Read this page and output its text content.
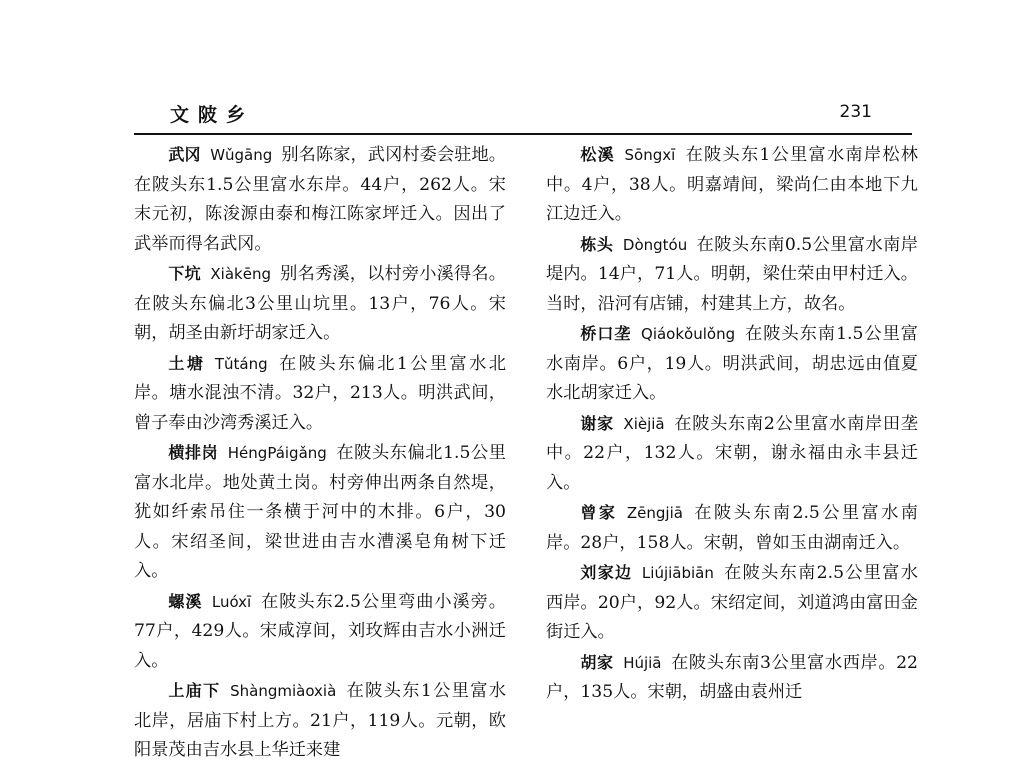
文陂乡	231

武冈 Wǔgāng 别名陈家，武冈村委会驻地。在陂头东1.5公里富水东岸。44户，262人。宋末元初，陈浚源由泰和梅江陈家坪迁入。因出了武举而得名武冈。

下坑 Xiàkēng 别名秀溪，以村旁小溪得名。在陂头东偏北3公里山坑里。13户，76人。宋朝，胡圣由新圩胡家迁入。

土塘 Tǔtáng 在陂头东偏北1公里富水北岸。塘水混浊不清。32户，213人。明洪武间，曾子奉由沙湾秀溪迁入。

横排岗 HéngPáigǎng 在陂头东偏北1.5公里富水北岸。地处黄土岗。村旁伸出两条自然堤，犹如纤索吊住一条横于河中的木排。6户，30人。宋绍圣间，梁世进由吉水漕溪皂角树下迁入。

螺溪 Luóxī 在陂头东2.5公里弯曲小溪旁。77户，429人。宋咸淳间，刘玫辉由吉水小洲迁入。

上庙下 Shàngmiàoxià 在陂头东1公里富水北岸，居庙下村上方。21户，119人。元朝，欧阳景茂由吉水县上华迁来建

松溪 Sōngxī 在陂头东1公里富水南岸松林中。4户，38人。明嘉靖间，梁尚仁由本地下九江边迁入。

栋头 Dòngtóu 在陂头东南0.5公里富水南岸堤内。14户，71人。明朝，梁仕荣由甲村迁入。当时，沿河有店铺，村建其上方，故名。

桥口垄 Qiáokǒulǒng 在陂头东南1.5公里富水南岸。6户，19人。明洪武间，胡忠远由值夏水北胡家迁入。

谢家 Xièjiā 在陂头东南2公里富水南岸田垄中。22户，132人。宋朝，谢永福由永丰县迁入。

曾家 Zēngjiā 在陂头东南2.5公里富水南岸。28户，158人。宋朝，曾如玉由湖南迁入。

刘家边 Liújiābiān 在陂头东南2.5公里富水西岸。20户，92人。宋绍定间，刘道鸿由富田金街迁入。

胡家 Hújiā 在陂头东南3公里富水西岸。22户，135人。宋朝，胡盛由袁州迁
